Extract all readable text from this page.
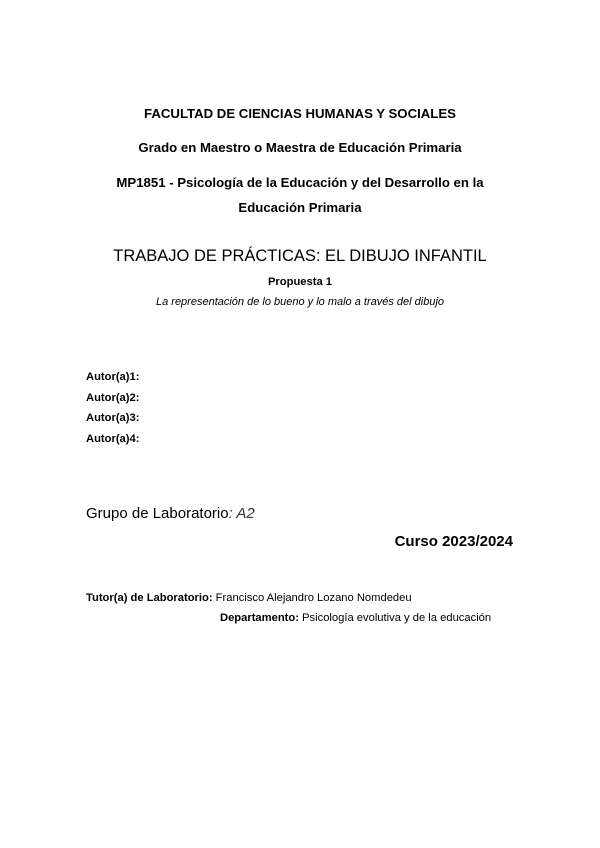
FACULTAD DE CIENCIAS HUMANAS Y SOCIALES
Grado en Maestro o Maestra de Educación Primaria
MP1851 - Psicología de la Educación y del Desarrollo en la
Educación Primaria
TRABAJO DE PRÁCTICAS: EL DIBUJO INFANTIL
Propuesta 1
La representación de lo bueno y lo malo a través del dibujo
Autor(a)1:
Autor(a)2:
Autor(a)3:
Autor(a)4:
Grupo de Laboratorio: A2
Curso 2023/2024
Tutor(a) de Laboratorio: Francisco Alejandro Lozano Nomdedeu
Departamento: Psicología evolutiva y de la educación
